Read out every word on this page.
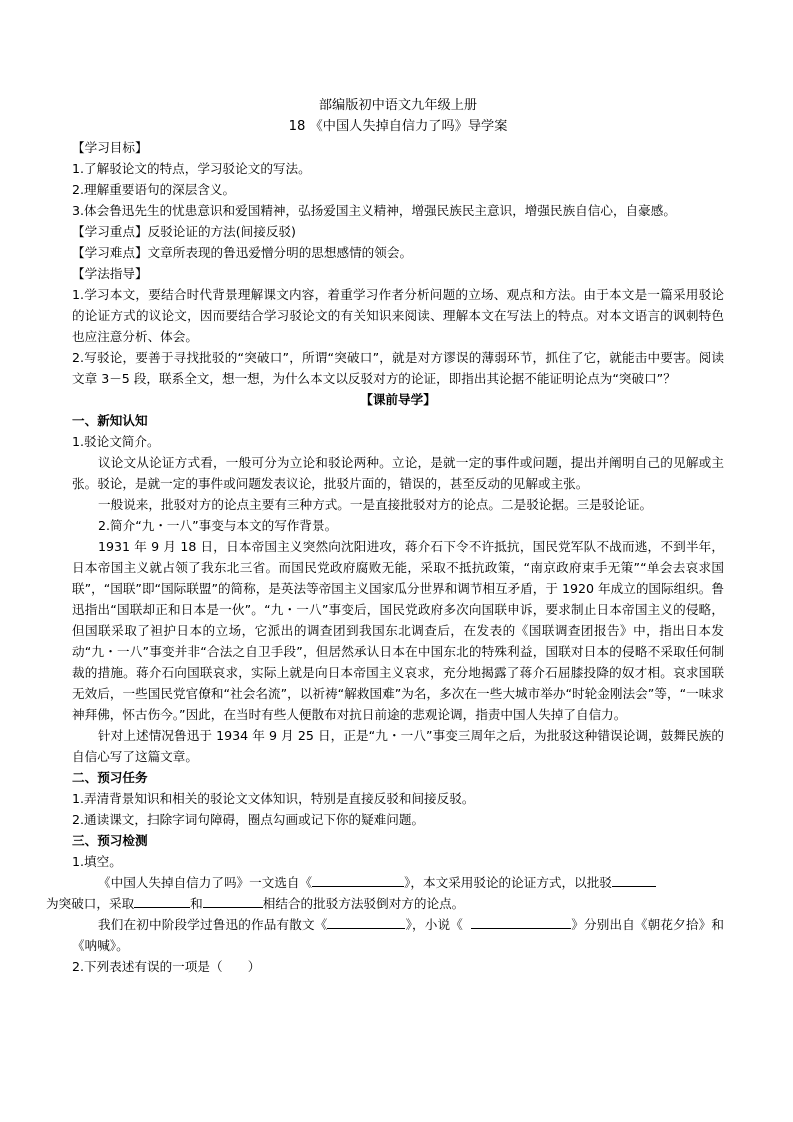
部编版初中语文九年级上册
18 《中国人失掉自信力了吗》导学案
【学习目标】
1.了解驳论文的特点，学习驳论文的写法。
2.理解重要语句的深层含义。
3.体会鲁迅先生的忧患意识和爱国精神，弘扬爱国主义精神，增强民族民主意识，增强民族自信心，自豪感。
【学习重点】反驳论证的方法(间接反驳)
【学习难点】文章所表现的鲁迅爱憎分明的思想感情的领会。
【学法指导】
1.学习本文，要结合时代背景理解课文内容，着重学习作者分析问题的立场、观点和方法。由于本文是一篇采用驳论的论证方式的议论文，因而要结合学习驳论文的有关知识来阅读、理解本文在写法上的特点。对本文语言的讽刺特色也应注意分析、体会。
2.写驳论，要善于寻找批驳的“突破口”，所谓“突破口”，就是对方谬误的薄弱环节，抓住了它，就能击中要害。阅读文章 3－5 段，联系全文，想一想，为什么本文以反驳对方的论证，即指出其论据不能证明论点为“突破口”？
【课前导学】
一、新知认知
1.驳论文简介。
议论文从论证方式看，一般可分为立论和驳论两种。立论，是就一定的事件或问题，提出并阐明自己的见解或主张。驳论，是就一定的事件或问题发表议论，批驳片面的，错误的，甚至反动的见解或主张。
一般说来，批驳对方的论点主要有三种方式。一是直接批驳对方的论点。二是驳论据。三是驳论证。
2.简介“九・一八”事变与本文的写作背景。
1931 年 9 月 18 日，日本帝国主义突然向沈阳进攻，蒋介石下令不许抵抗，国民党军队不战而逃，不到半年，日本帝国主义就占领了我东北三省。而国民党政府腐败无能，采取不抵抗政策，“南京政府束手无策”“单会去哀求国联”，“国联”即“国际联盟”的简称，是英法等帝国主义国家瓜分世界和调节相互矛盾，于 1920 年成立的国际组织。鲁迅指出“国联却正和日本是一伙”。“九・一八”事变后，国民党政府多次向国联申诉，要求制止日本帝国主义的侵略，但国联采取了袒护日本的立场，它派出的调查团到我国东北调查后，在发表的《国联调查团报告》中，指出日本发动“九・一八”事变并非“合法之自卫手段”，但居然承认日本在中国东北的特殊利益，国联对日本的侵略不采取任何制裁的措施。蒋介石向国联哀求，实际上就是向日本帝国主义哀求，充分地揭露了蒋介石屈膝投降的奴才相。哀求国联无效后，一些国民党官僚和“社会名流”，以祈祷“解救国难”为名，多次在一些大城市举办“时轮金刚法会”等，“一味求神拜佛，怀古伤今。”因此，在当时有些人便散布对抗日前途的悲观论调，指责中国人失掉了自信力。
针对上述情况鲁迅于 1934 年 9 月 25 日，正是“九・一八”事变三周年之后，为批驳这种错误论调，鼓舞民族的自信心写了这篇文章。
二、预习任务
1.弄清背景知识和相关的驳论文文体知识，特别是直接反驳和间接反驳。
2.通读课文，扫除字词句障碍，圈点勾画或记下你的疑难问题。
三、预习检测
1.填空。
《中国人失掉自信力了吗》一文选自《	》，本文采用驳论的论证方式，以批驳
为突破口，采取	和	相结合的批驳方法驳倒对方的论点。
我们在初中阶段学过鲁迅的作品有散文《	》，小说《	》分别出自《朝花夕拾》和《呐喊》。
2.下列表述有误的一项是（　　）
